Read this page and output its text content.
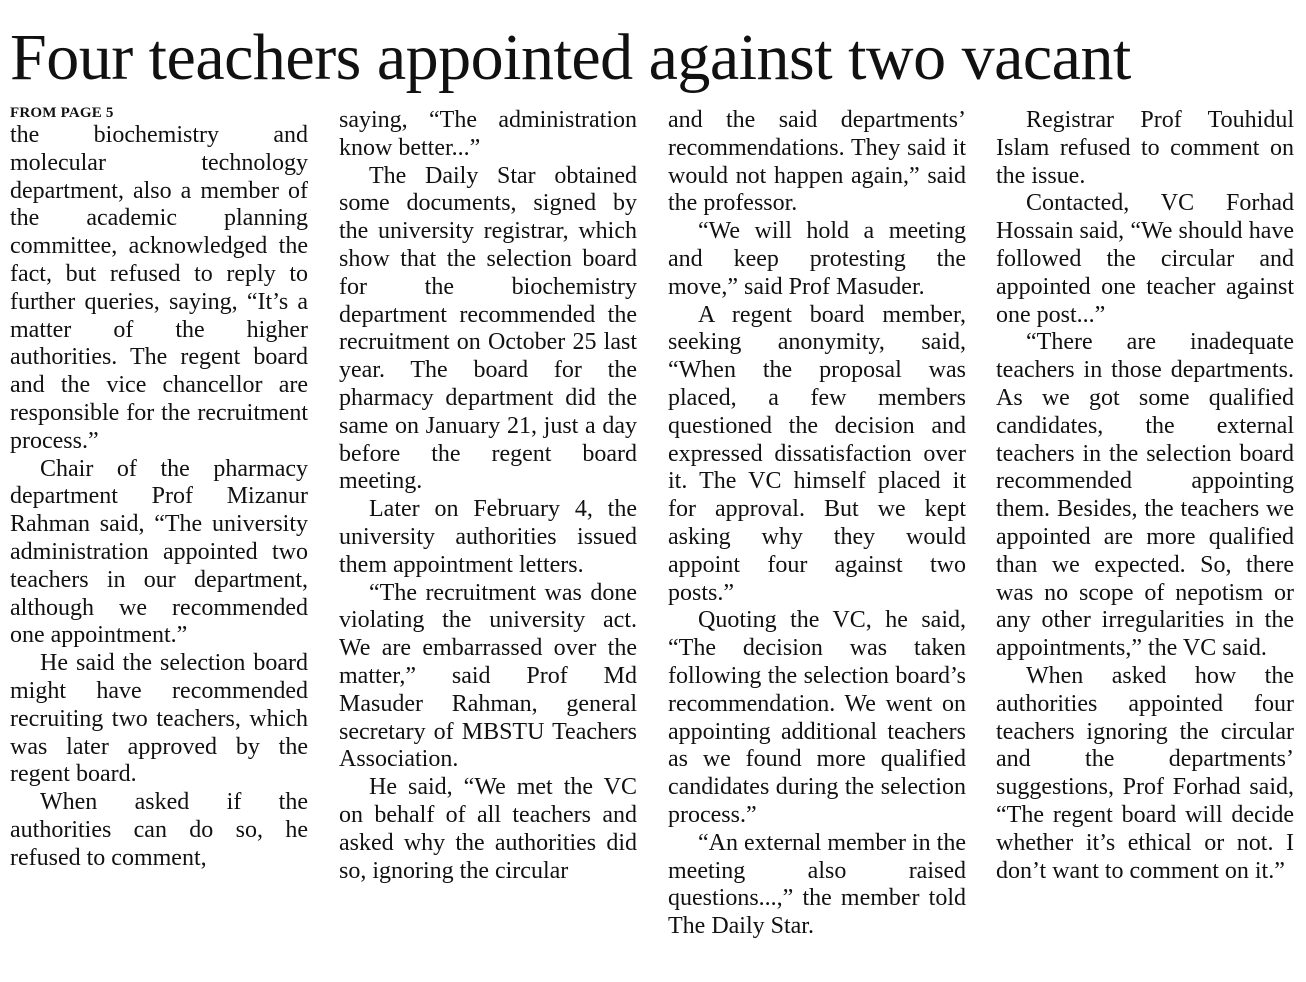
Four teachers appointed against two vacant
FROM PAGE 5

the biochemistry and molecular technology department, also a member of the academic planning committee, acknowledged the fact, but refused to reply to further queries, saying, “It’s a matter of the higher authorities. The regent board and the vice chancellor are responsible for the recruitment process.”

Chair of the pharmacy department Prof Mizanur Rahman said, “The university administration appointed two teachers in our department, although we recommended one appointment.”

He said the selection board might have recommended recruiting two teachers, which was later approved by the regent board.

When asked if the authorities can do so, he refused to comment,

saying, “The administration know better...”

The Daily Star obtained some documents, signed by the university registrar, which show that the selection board for the biochemistry department recommended the recruitment on October 25 last year. The board for the pharmacy department did the same on January 21, just a day before the regent board meeting.

Later on February 4, the university authorities issued them appointment letters.

“The recruitment was done violating the university act. We are embarrassed over the matter,” said Prof Md Masuder Rahman, general secretary of MBSTU Teachers Association.

He said, “We met the VC on behalf of all teachers and asked why the authorities did so, ignoring the circular

and the said departments’ recommendations. They said it would not happen again,” said the professor.

“We will hold a meeting and keep protesting the move,” said Prof Masuder.

A regent board member, seeking anonymity, said, “When the proposal was placed, a few members questioned the decision and expressed dissatisfaction over it. The VC himself placed it for approval. But we kept asking why they would appoint four against two posts.”

Quoting the VC, he said, “The decision was taken following the selection board’s recommendation. We went on appointing additional teachers as we found more qualified candidates during the selection process.”

“An external member in the meeting also raised questions...,” the member told The Daily Star.

Registrar Prof Touhidul Islam refused to comment on the issue.

Contacted, VC Forhad Hossain said, “We should have followed the circular and appointed one teacher against one post...”

“There are inadequate teachers in those departments. As we got some qualified candidates, the external teachers in the selection board recommended appointing them. Besides, the teachers we appointed are more qualified than we expected. So, there was no scope of nepotism or any other irregularities in the appointments,” the VC said.

When asked how the authorities appointed four teachers ignoring the circular and the departments’ suggestions, Prof Forhad said, “The regent board will decide whether it’s ethical or not. I don’t want to comment on it.”
